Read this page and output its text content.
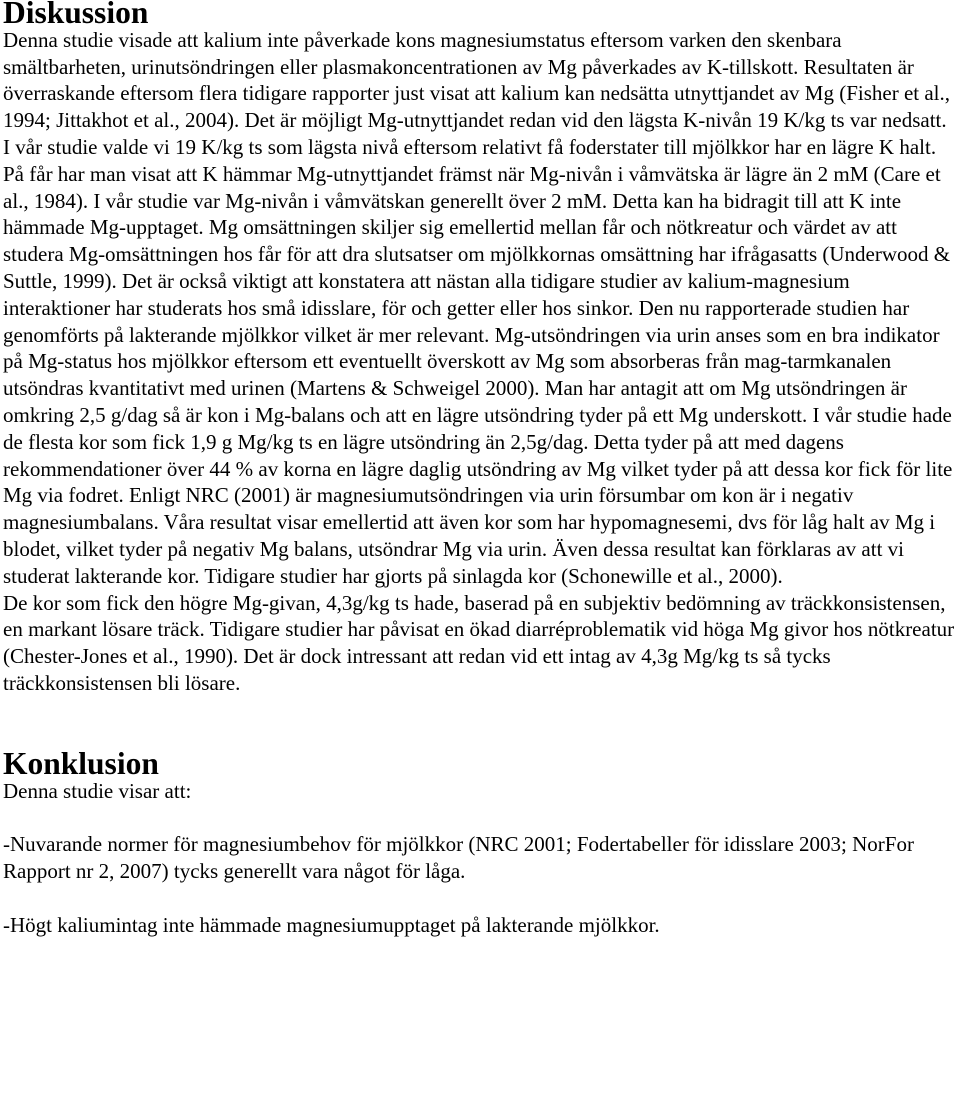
Diskussion

Denna studie visade att kalium inte påverkade kons magnesiumstatus eftersom varken den skenbara smältbarheten, urinutsöndringen eller plasmakoncentrationen av Mg påverkades av K-tillskott. Resultaten är överraskande eftersom flera tidigare rapporter just visat att kalium kan nedsätta utnyttjandet av Mg (Fisher et al., 1994; Jittakhot et al., 2004). Det är möjligt Mg-utnyttjandet redan vid den lägsta K-nivån 19 K/kg ts var nedsatt. I vår studie valde vi 19 K/kg ts som lägsta nivå eftersom relativt få foderstater till mjölkkor har en lägre K halt. På får har man visat att K hämmar Mg-utnyttjandet främst när Mg-nivån i våmvätska är lägre än 2 mM (Care et al., 1984). I vår studie var Mg-nivån i våmvätskan generellt över 2 mM. Detta kan ha bidragit till att K inte hämmade Mg-upptaget. Mg omsättningen skiljer sig emellertid mellan får och nötkreatur och värdet av att studera Mg-omsättningen hos får för att dra slutsatser om mjölkkornas omsättning har ifrågasatts (Underwood & Suttle, 1999). Det är också viktigt att konstatera att nästan alla tidigare studier av kalium-magnesium interaktioner har studerats hos små idisslare, för och getter eller hos sinkor. Den nu rapporterade studien har genomförts på lakterande mjölkkor vilket är mer relevant. Mg-utsöndringen via urin anses som en bra indikator på Mg-status hos mjölkkor eftersom ett eventuellt överskott av Mg som absorberas från mag-tarmkanalen utsöndras kvantitativt med urinen (Martens & Schweigel 2000). Man har antagit att om Mg utsöndringen är omkring 2,5 g/dag så är kon i Mg-balans och att en lägre utsöndring tyder på ett Mg underskott. I vår studie hade de flesta kor som fick 1,9 g Mg/kg ts en lägre utsöndring än 2,5g/dag. Detta tyder på att med dagens rekommendationer över 44 % av korna en lägre daglig utsöndring av Mg vilket tyder på att dessa kor fick för lite Mg via fodret. Enligt NRC (2001) är magnesiumutsöndringen via urin försumbar om kon är i negativ magnesiumbalans. Våra resultat visar emellertid att även kor som har hypomagnesemi, dvs för låg halt av Mg i blodet, vilket tyder på negativ Mg balans, utsöndrar Mg via urin. Även dessa resultat kan förklaras av att vi studerat lakterande kor. Tidigare studier har gjorts på sinlagda kor (Schonewille et al., 2000).

De kor som fick den högre Mg-givan, 4,3g/kg ts hade, baserad på en subjektiv bedömning av träckkonsistensen, en markant lösare träck. Tidigare studier har påvisat en ökad diarréproblematik vid höga Mg givor hos nötkreatur (Chester-Jones et al., 1990). Det är dock intressant att redan vid ett intag av 4,3g Mg/kg ts så tycks träckkonsistensen bli lösare.

Konklusion

Denna studie visar att:

-Nuvarande normer för magnesiumbehov för mjölkkor (NRC 2001; Fodertabeller för idisslare 2003; NorFor Rapport nr 2, 2007) tycks generellt vara något för låga.

-Högt kaliumintag inte hämmade magnesiumupptaget på lakterande mjölkkor.
